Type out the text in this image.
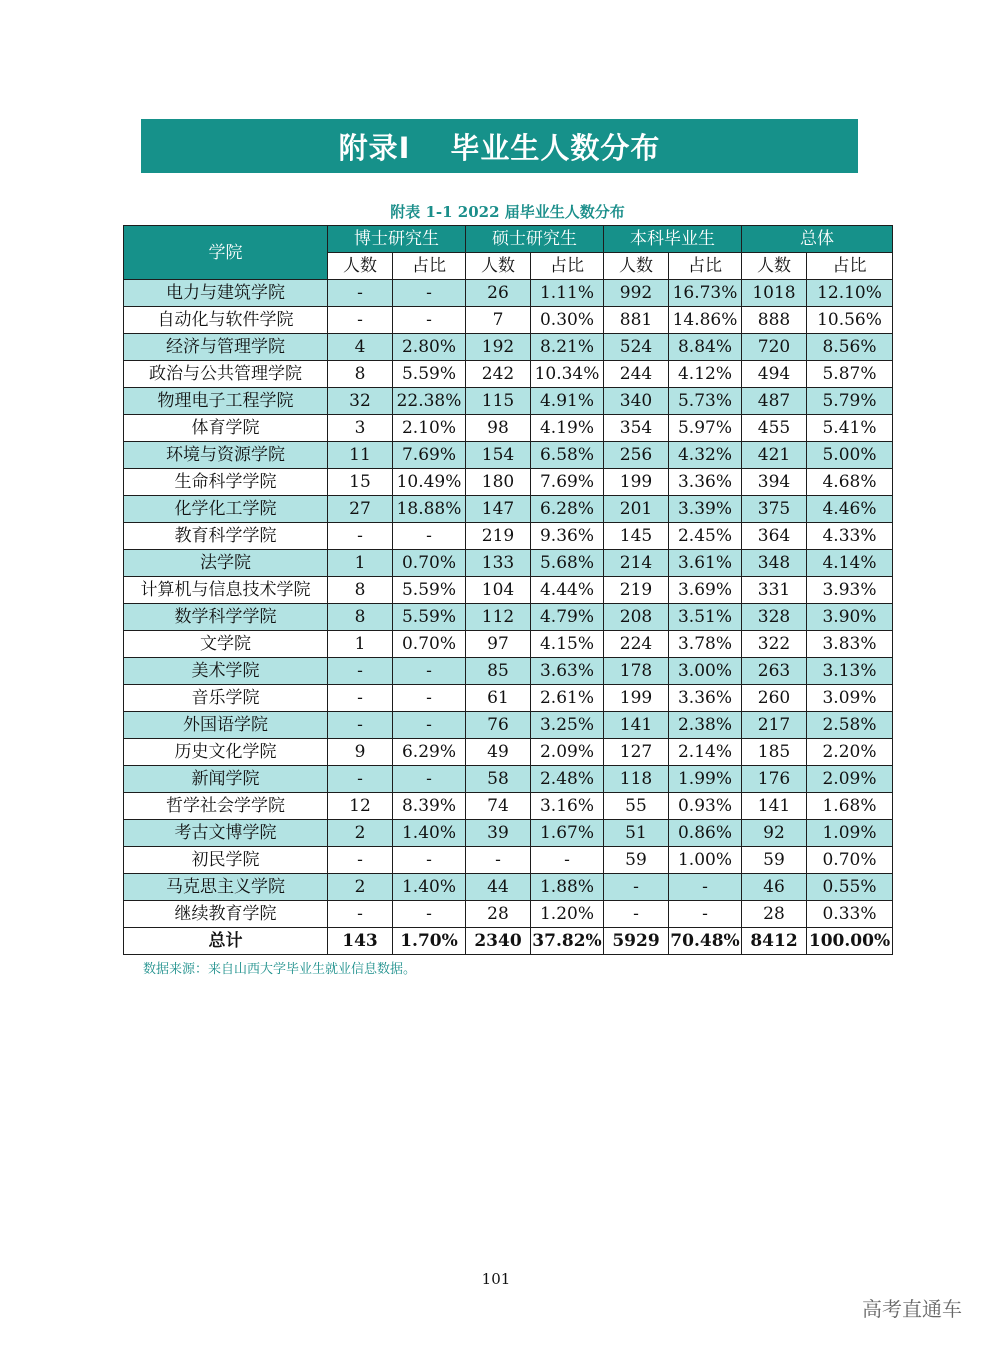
附录Ⅰ 毕业生人数分布
附表 1-1 2022 届毕业生人数分布
学院	博士研究生		硕士研究生		本科毕业生		总体	
	人数	占比	人数	占比	人数	占比	人数	占比
电力与建筑学院	-	-	26	1.11%	992	16.73%	1018	12.10%
自动化与软件学院	-	-	7	0.30%	881	14.86%	888	10.56%
经济与管理学院	4	2.80%	192	8.21%	524	8.84%	720	8.56%
政治与公共管理学院	8	5.59%	242	10.34%	244	4.12%	494	5.87%
物理电子工程学院	32	22.38%	115	4.91%	340	5.73%	487	5.79%
体育学院	3	2.10%	98	4.19%	354	5.97%	455	5.41%
环境与资源学院	11	7.69%	154	6.58%	256	4.32%	421	5.00%
生命科学学院	15	10.49%	180	7.69%	199	3.36%	394	4.68%
化学化工学院	27	18.88%	147	6.28%	201	3.39%	375	4.46%
教育科学学院	-	-	219	9.36%	145	2.45%	364	4.33%
法学院	1	0.70%	133	5.68%	214	3.61%	348	4.14%
计算机与信息技术学院	8	5.59%	104	4.44%	219	3.69%	331	3.93%
数学科学学院	8	5.59%	112	4.79%	208	3.51%	328	3.90%
文学院	1	0.70%	97	4.15%	224	3.78%	322	3.83%
美术学院	-	-	85	3.63%	178	3.00%	263	3.13%
音乐学院	-	-	61	2.61%	199	3.36%	260	3.09%
外国语学院	-	-	76	3.25%	141	2.38%	217	2.58%
历史文化学院	9	6.29%	49	2.09%	127	2.14%	185	2.20%
新闻学院	-	-	58	2.48%	118	1.99%	176	2.09%
哲学社会学学院	12	8.39%	74	3.16%	55	0.93%	141	1.68%
考古文博学院	2	1.40%	39	1.67%	51	0.86%	92	1.09%
初民学院	-	-	-	-	59	1.00%	59	0.70%
马克思主义学院	2	1.40%	44	1.88%	-	-	46	0.55%
继续教育学院	-	-	28	1.20%	-	-	28	0.33%
总计	143	1.70%	2340	37.82%	5929	70.48%	8412	100.00%
数据来源：来自山西大学毕业生就业信息数据。
101
高考直通车
